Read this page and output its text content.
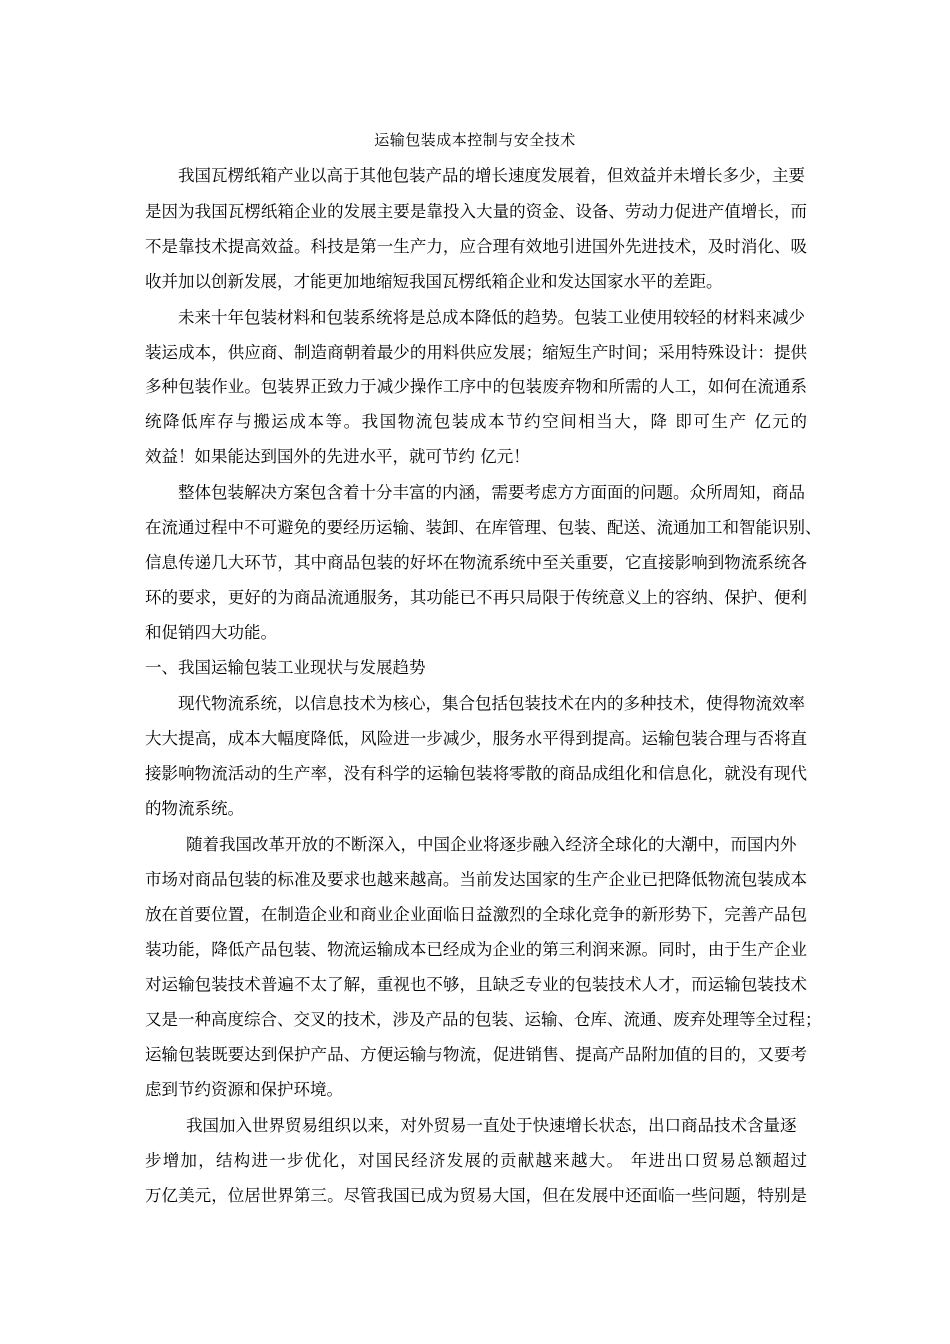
运输包装成本控制与安全技术
我国瓦楞纸箱产业以高于其他包装产品的增长速度发展着，但效益并未增长多少，主要
是因为我国瓦楞纸箱企业的发展主要是靠投入大量的资金、设备、劳动力促进产值增长，而
不是靠技术提高效益。科技是第一生产力，应合理有效地引进国外先进技术，及时消化、吸
收并加以创新发展，才能更加地缩短我国瓦楞纸箱企业和发达国家水平的差距。
未来十年包装材料和包装系统将是总成本降低的趋势。包装工业使用较轻的材料来减少
装运成本，供应商、制造商朝着最少的用料供应发展；缩短生产时间；采用特殊设计：提供
多种包装作业。包装界正致力于减少操作工序中的包装废弃物和所需的人工，如何在流通系
统降低库存与搬运成本等。我国物流包装成本节约空间相当大，降 即可生产 亿元的
效益！如果能达到国外的先进水平，就可节约 亿元！
整体包装解决方案包含着十分丰富的内涵，需要考虑方方面面的问题。众所周知，商品
在流通过程中不可避免的要经历运输、装卸、在库管理、包装、配送、流通加工和智能识别、
信息传递几大环节，其中商品包装的好坏在物流系统中至关重要，它直接影响到物流系统各
环的要求，更好的为商品流通服务，其功能已不再只局限于传统意义上的容纳、保护、便利
和促销四大功能。
一、我国运输包装工业现状与发展趋势
现代物流系统，以信息技术为核心，集合包括包装技术在内的多种技术，使得物流效率
大大提高，成本大幅度降低，风险进一步减少，服务水平得到提高。运输包装合理与否将直
接影响物流活动的生产率，没有科学的运输包装将零散的商品成组化和信息化，就没有现代
的物流系统。
随着我国改革开放的不断深入，中国企业将逐步融入经济全球化的大潮中，而国内外
市场对商品包装的标准及要求也越来越高。当前发达国家的生产企业已把降低物流包装成本
放在首要位置，在制造企业和商业企业面临日益激烈的全球化竞争的新形势下，完善产品包
装功能，降低产品包装、物流运输成本已经成为企业的第三利润来源。同时，由于生产企业
对运输包装技术普遍不太了解，重视也不够，且缺乏专业的包装技术人才，而运输包装技术
又是一种高度综合、交叉的技术，涉及产品的包装、运输、仓库、流通、废弃处理等全过程；
运输包装既要达到保护产品、方便运输与物流，促进销售、提高产品附加值的目的，又要考
虑到节约资源和保护环境。
我国加入世界贸易组织以来，对外贸易一直处于快速增长状态，出口商品技术含量逐
步增加，结构进一步优化，对国民经济发展的贡献越来越大。 年进出口贸易总额超过
万亿美元，位居世界第三。尽管我国已成为贸易大国，但在发展中还面临一些问题，特别是
